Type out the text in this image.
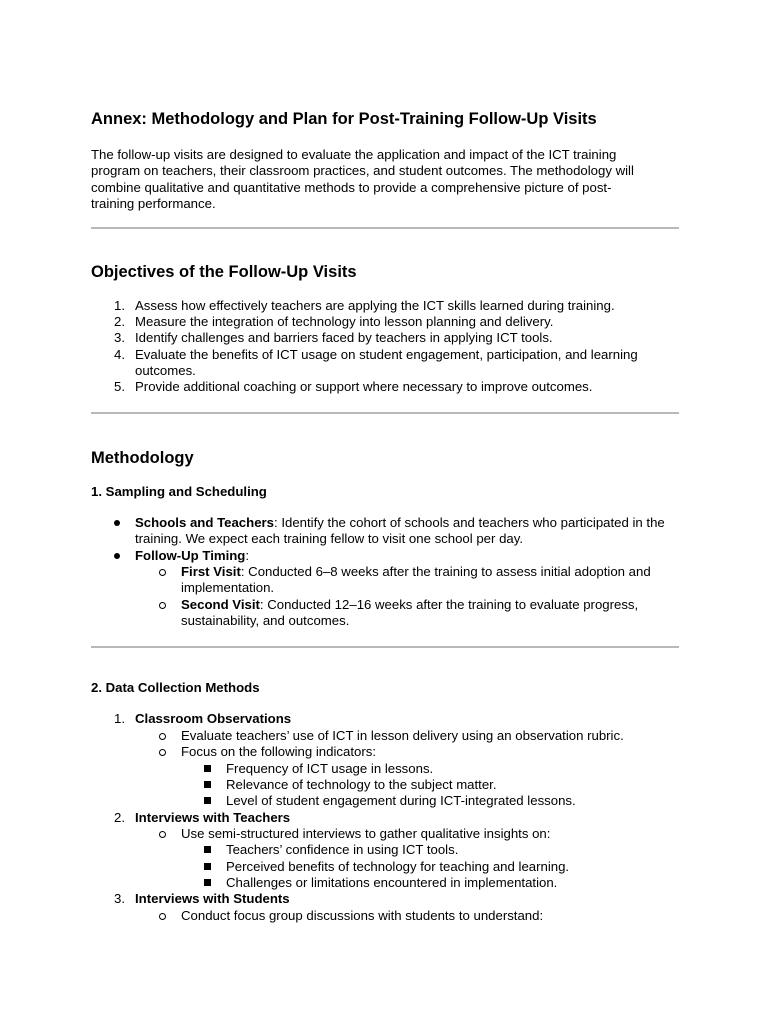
Annex: Methodology and Plan for Post-Training Follow-Up Visits

The follow-up visits are designed to evaluate the application and impact of the ICT training program on teachers, their classroom practices, and student outcomes. The methodology will combine qualitative and quantitative methods to provide a comprehensive picture of post-training performance.

Objectives of the Follow-Up Visits
1. Assess how effectively teachers are applying the ICT skills learned during training.
2. Measure the integration of technology into lesson planning and delivery.
3. Identify challenges and barriers faced by teachers in applying ICT tools.
4. Evaluate the benefits of ICT usage on student engagement, participation, and learning outcomes.
5. Provide additional coaching or support where necessary to improve outcomes.
Methodology
1. Sampling and Scheduling
Schools and Teachers: Identify the cohort of schools and teachers who participated in the training. We expect each training fellow to visit one school per day.
Follow-Up Timing:
First Visit: Conducted 6–8 weeks after the training to assess initial adoption and implementation.
Second Visit: Conducted 12–16 weeks after the training to evaluate progress, sustainability, and outcomes.
2. Data Collection Methods
1. Classroom Observations
Evaluate teachers’ use of ICT in lesson delivery using an observation rubric.
Focus on the following indicators:
Frequency of ICT usage in lessons.
Relevance of technology to the subject matter.
Level of student engagement during ICT-integrated lessons.
2. Interviews with Teachers
Use semi-structured interviews to gather qualitative insights on:
Teachers’ confidence in using ICT tools.
Perceived benefits of technology for teaching and learning.
Challenges or limitations encountered in implementation.
3. Interviews with Students
Conduct focus group discussions with students to understand:
